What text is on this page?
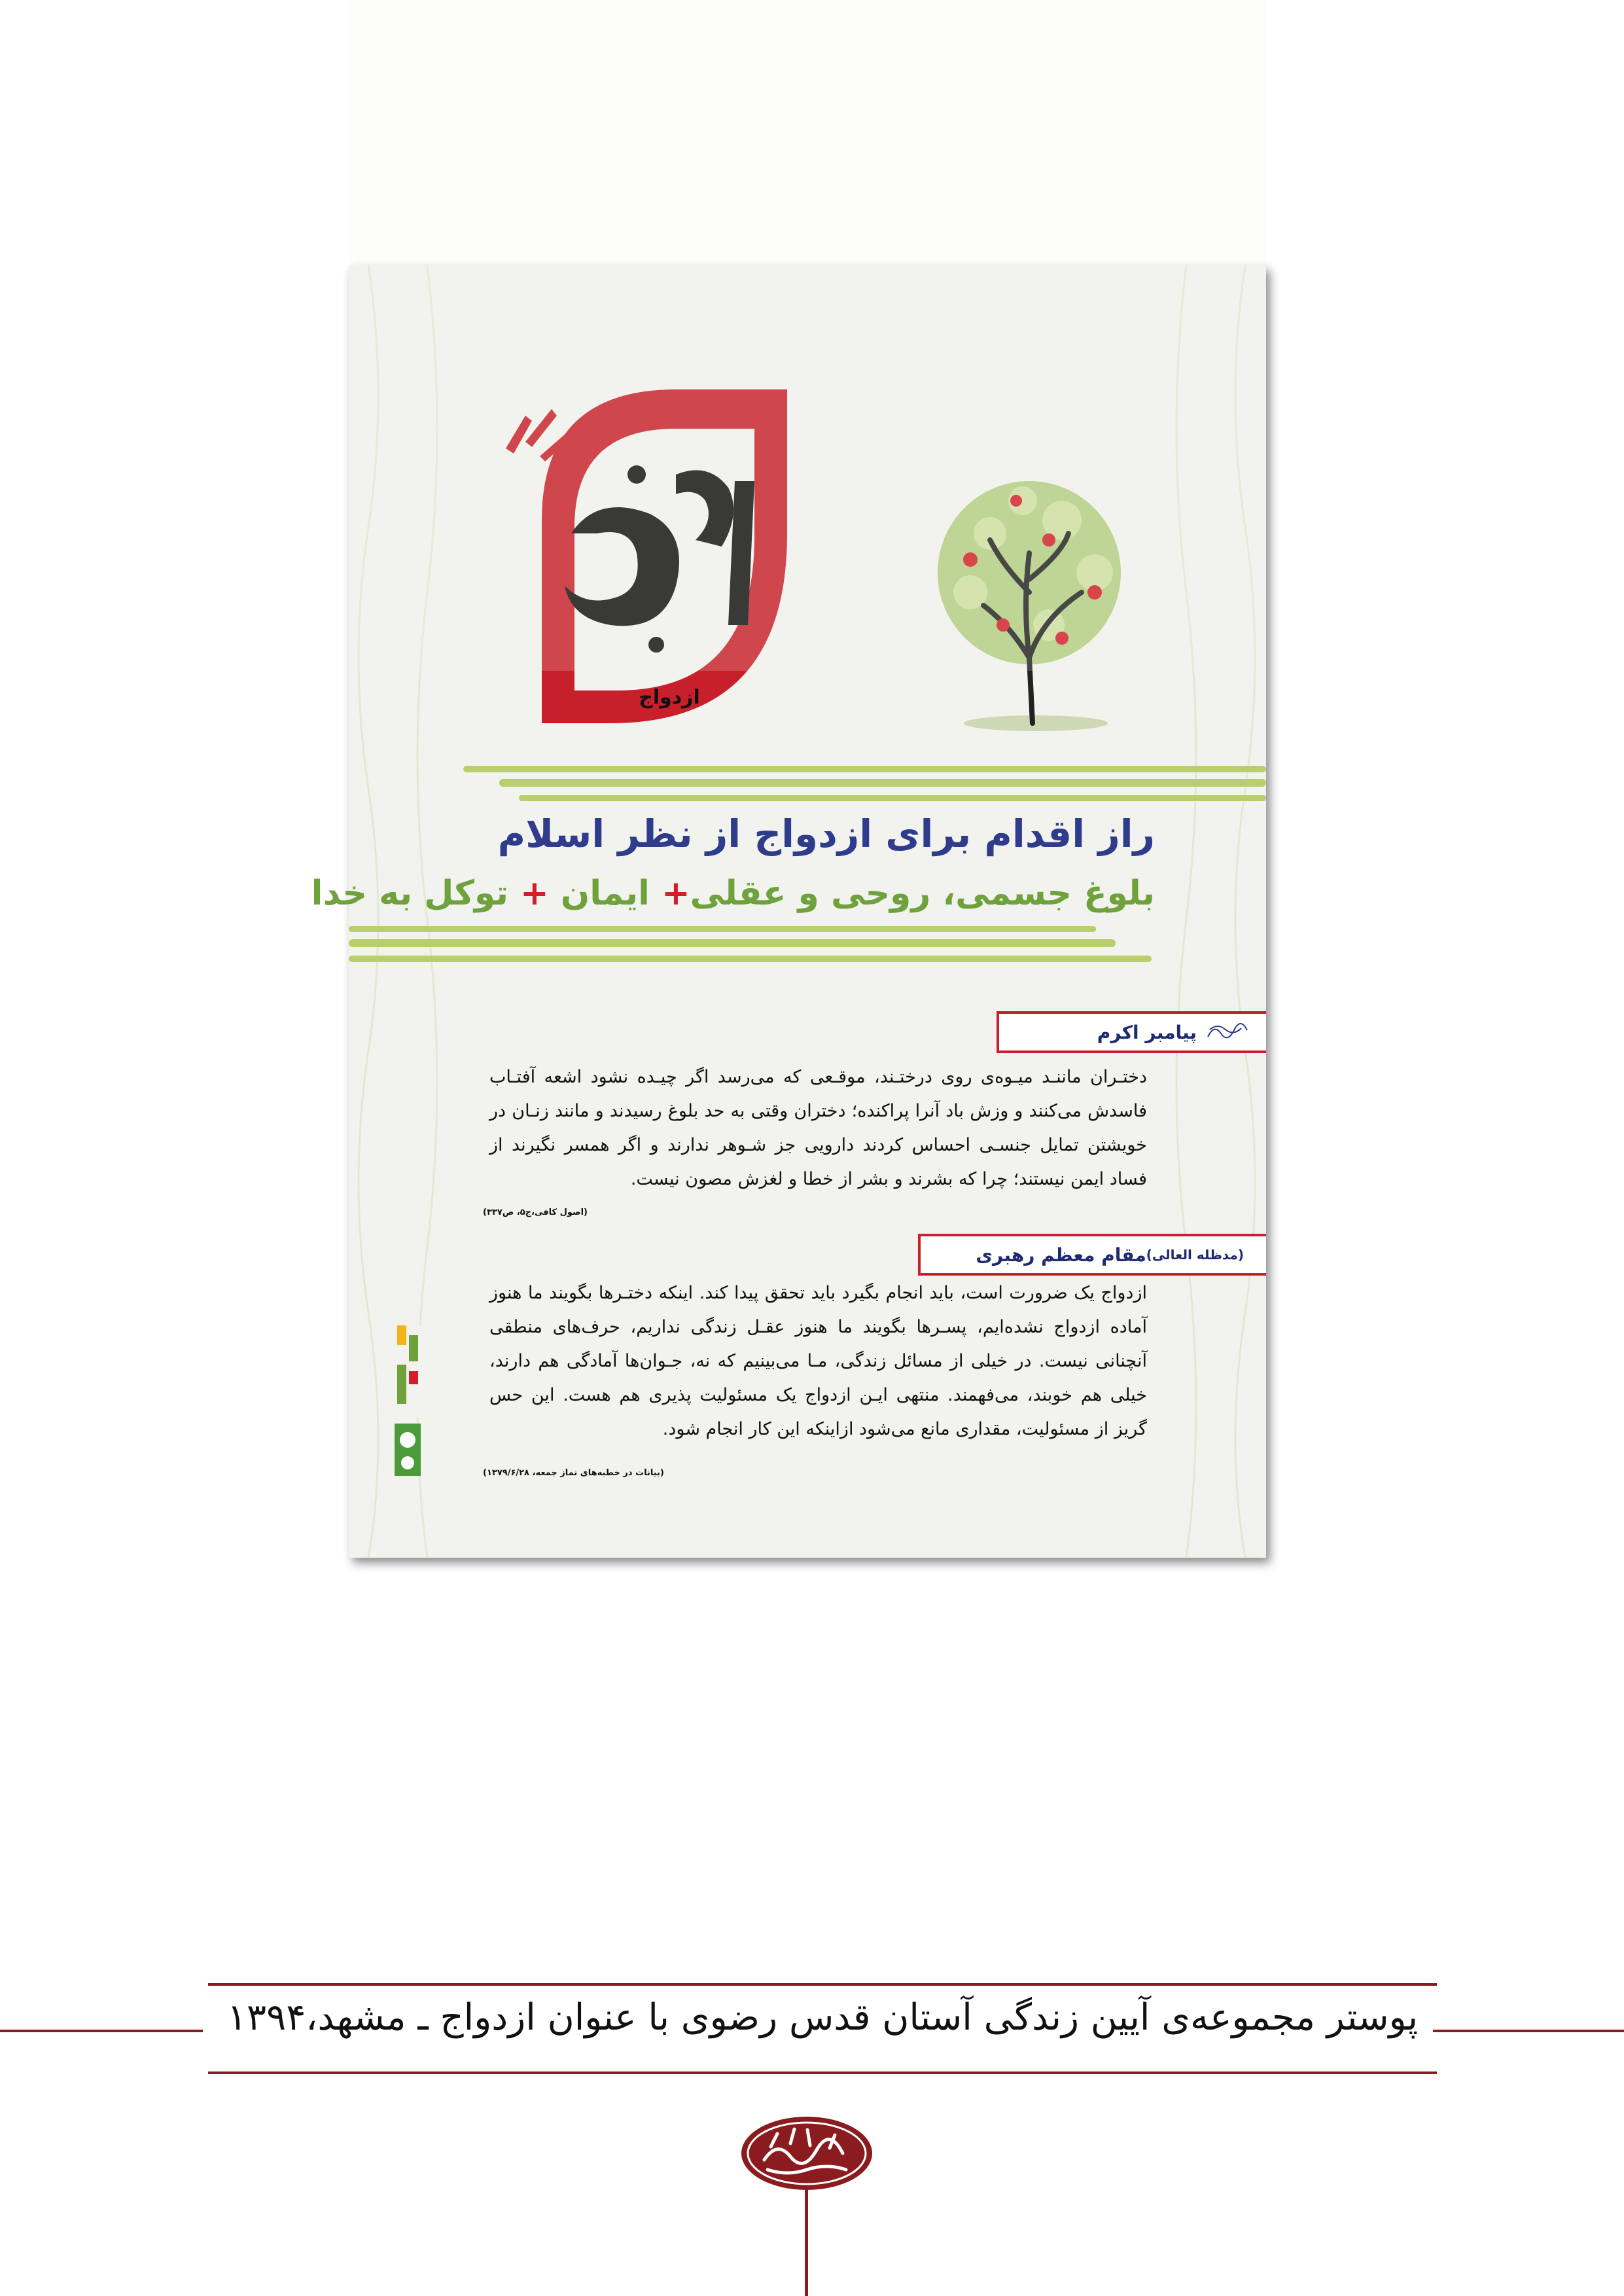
ازدواج
راز اقدام برای ازدواج از نظر اسلام
بلوغ جسمی، روحی و عقلی+ ایمان + توکل به خدا
پیامبر اکرم
دختـران ماننـد میـوه‌ی روی درختـند، موقـعی که می‌رسد اگر چیـده نشود اشعه آفتـاب فاسدش می‌کنند و وزش باد آنرا پراکنده؛ دختران وقتی به حد بلوغ رسیدند و مانند زنـان در خویشتن تمایل جنسـی احساس کردند دارویی جز شـوهر ندارند و اگر همسر نگیرند از فساد ایمن نیستند؛ چرا که بشرند و بشر از خطا و لغزش مصون نیست.
(اصول کافی،ج۵، ص۳۳۷)
مقام معظم رهبری (مدظله العالی)
ازدواج یک ضرورت است، باید انجام بگیرد باید تحقق پیدا کند. اینکه دختـرها بگویند ما هنوز آماده ازدواج نشده‌ایم، پسـرها بگویند ما هنوز عقـل زندگی نداریم، حرف‌های منطقی آنچنانی نیست. در خیلی از مسائل زندگی، مـا می‌بینیم که نه، جـوان‌ها آمادگی هم دارند، خیلی هم خوبند، می‌فهمند. منتهی ایـن ازدواج یک مسئولیت پذیری هم هست. این حس گریز از مسئولیت، مقداری مانع می‌شود ازاینکه این کار انجام شود.
(بیانات در خطبه‌های نماز جمعه، ۱۳۷۹/۶/۲۸)
پوستر مجموعه‌ی آیین زندگی آستان قدس رضوی با عنوان ازدواج ـ مشهد،۱۳۹۴
